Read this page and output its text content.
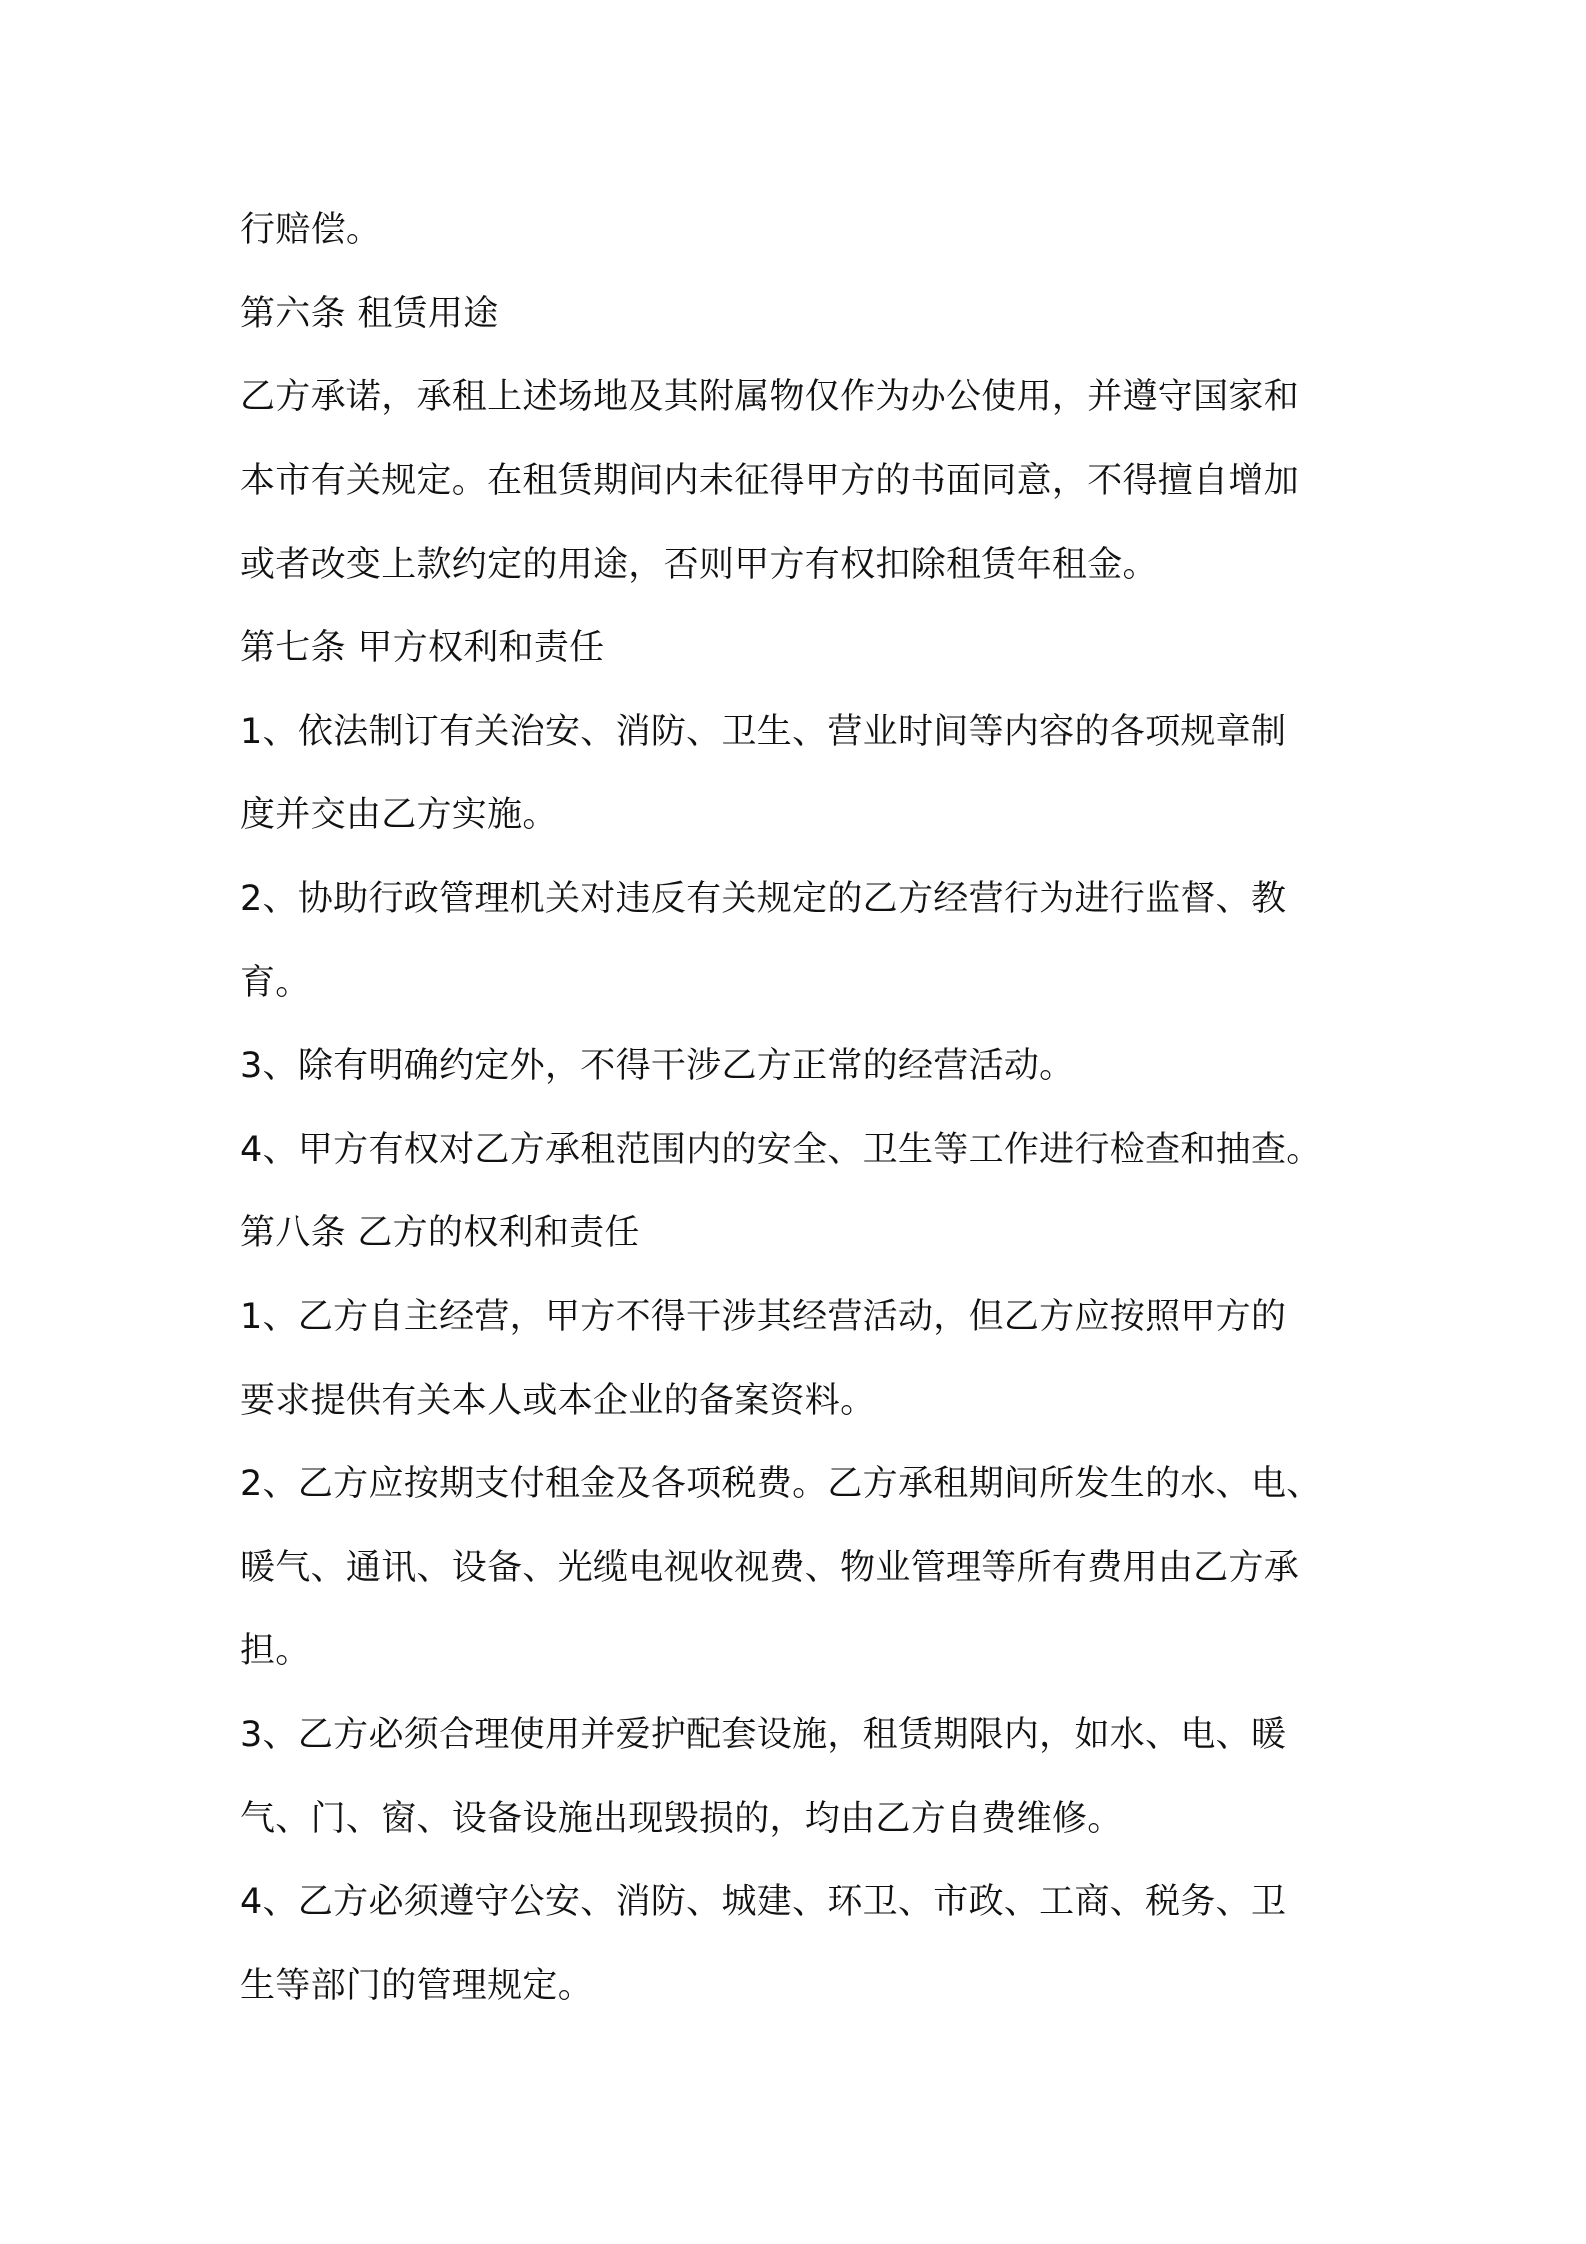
行赔偿。
第六条 租赁用途
乙方承诺，承租上述场地及其附属物仅作为办公使用，并遵守国家和
本市有关规定。在租赁期间内未征得甲方的书面同意，不得擅自增加
或者改变上款约定的用途，否则甲方有权扣除租赁年租金。
第七条 甲方权利和责任
1、依法制订有关治安、消防、卫生、营业时间等内容的各项规章制
度并交由乙方实施。
2、协助行政管理机关对违反有关规定的乙方经营行为进行监督、教
育。
3、除有明确约定外，不得干涉乙方正常的经营活动。
4、甲方有权对乙方承租范围内的安全、卫生等工作进行检查和抽查。
第八条 乙方的权利和责任
1、乙方自主经营，甲方不得干涉其经营活动，但乙方应按照甲方的
要求提供有关本人或本企业的备案资料。
2、乙方应按期支付租金及各项税费。乙方承租期间所发生的水、电、
暖气、通讯、设备、光缆电视收视费、物业管理等所有费用由乙方承
担。
3、乙方必须合理使用并爱护配套设施，租赁期限内，如水、电、暖
气、门、窗、设备设施出现毁损的，均由乙方自费维修。
4、乙方必须遵守公安、消防、城建、环卫、市政、工商、税务、卫
生等部门的管理规定。
